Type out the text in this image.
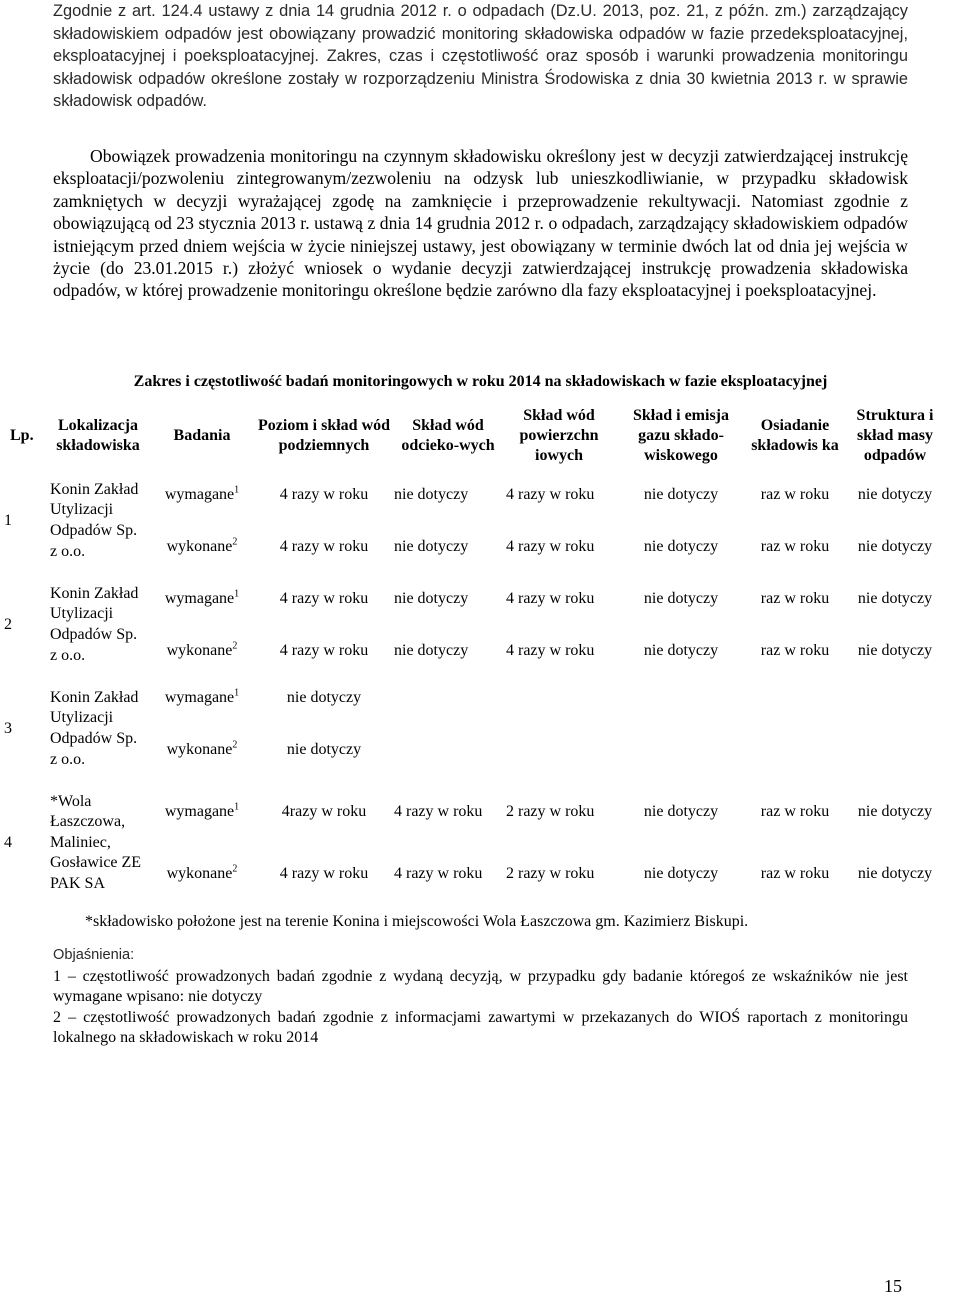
Zgodnie z art. 124.4 ustawy z dnia 14 grudnia 2012 r. o odpadach (Dz.U. 2013, poz. 21, z późn. zm.) zarządzający składowiskiem odpadów jest obowiązany prowadzić monitoring składowiska odpadów w fazie przedeksploatacyjnej, eksploatacyjnej i poeksploatacyjnej. Zakres, czas i częstotliwość oraz sposób i warunki prowadzenia monitoringu składowisk odpadów określone zostały w rozporządzeniu Ministra Środowiska z dnia 30 kwietnia 2013 r. w sprawie składowisk odpadów.

Obowiązek prowadzenia monitoringu na czynnym składowisku określony jest w decyzji zatwierdzającej instrukcję eksploatacji/pozwoleniu zintegrowanym/zezwoleniu na odzysk lub unieszkodliwianie, w przypadku składowisk zamkniętych w decyzji wyrażającej zgodę na zamknięcie i przeprowadzenie rekultywacji. Natomiast zgodnie z obowiązującą od 23 stycznia 2013 r. ustawą z dnia 14 grudnia 2012 r. o odpadach, zarządzający składowiskiem odpadów istniejącym przed dniem wejścia w życie niniejszej ustawy, jest obowiązany w terminie dwóch lat od dnia jej wejścia w życie (do 23.01.2015 r.) złożyć wniosek o wydanie decyzji zatwierdzającej instrukcję prowadzenia składowiska odpadów, w której prowadzenie monitoringu określone będzie zarówno dla fazy eksploatacyjnej i poeksploatacyjnej.

Zakres i częstotliwość badań monitoringowych w roku 2014 na składowiskach w fazie eksploatacyjnej
Lp.	Lokalizacja składowiska	Badania	Poziom i skład wód podziemnych	Skład wód odcieko-wych	Skład wód powierzchn iowych	Skład i emisja gazu składo-wiskowego	Osiadanie składowis ka	Struktura i skład masy odpadów
1	Konin Zakład Utylizacji Odpadów Sp. z o.o.	wymagane$^1$	4 razy w roku	nie dotyczy	4 razy w roku	nie dotyczy	raz w roku	nie dotyczy
		wykonane$^2$	4 razy w roku	nie dotyczy	4 razy w roku	nie dotyczy	raz w roku	nie dotyczy
2	Konin Zakład Utylizacji Odpadów Sp. z o.o.	wymagane$^1$	4 razy w roku	nie dotyczy	4 razy w roku	nie dotyczy	raz w roku	nie dotyczy
		wykonane$^2$	4 razy w roku	nie dotyczy	4 razy w roku	nie dotyczy	raz w roku	nie dotyczy
3	Konin Zakład Utylizacji Odpadów Sp. z o.o.	wymagane$^1$	nie dotyczy					
		wykonane$^2$	nie dotyczy					
4	*Wola Łaszczowa, Maliniec, Gosławice ZE PAK SA	wymagane$^1$	4razy w roku	4 razy w roku	2 razy w roku	nie dotyczy	raz w roku	nie dotyczy
		wykonane$^2$	4 razy w roku	4 razy w roku	2 razy w roku	nie dotyczy	raz w roku	nie dotyczy
*składowisko położone jest na terenie Konina i miejscowości Wola Łaszczowa gm. Kazimierz Biskupi.
Objaśnienia:
1 – częstotliwość prowadzonych badań zgodnie z wydaną decyzją, w przypadku gdy badanie któregoś ze wskaźników nie jest wymagane wpisano: nie dotyczy
2 – częstotliwość prowadzonych badań zgodnie z informacjami zawartymi w przekazanych do WIOŚ raportach z monitoringu lokalnego na składowiskach w roku 2014
15
